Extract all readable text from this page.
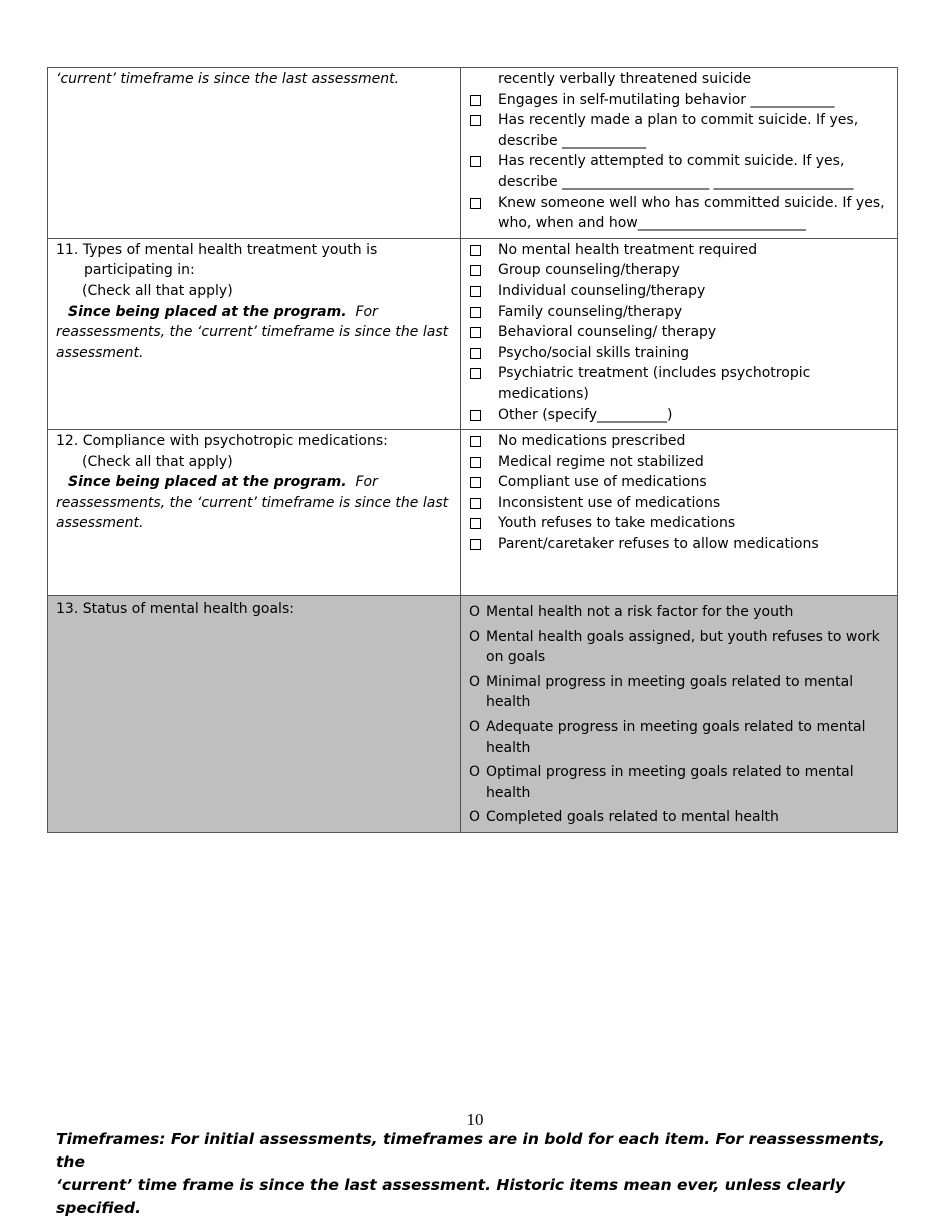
‘current’ timeframe is since the last assessment.	recently verbally threatened suicide
Engages in self-mutilating behavior ____________
Has recently made a plan to commit suicide. If yes,
describe ____________
Has recently attempted to commit suicide. If yes,
describe _____________________ ____________________
Knew someone well who has committed suicide. If yes,
who, when and how________________________
11. Types of mental health treatment youth is
participating in:
(Check all that apply)
Since being placed at the program. For
reassessments, the ‘current’ timeframe is since the last
assessment.
No mental health treatment required
Group counseling/therapy
Individual counseling/therapy
Family counseling/therapy
Behavioral counseling/ therapy
Psycho/social skills training
Psychiatric treatment (includes psychotropic
medications)
Other (specify__________)
12. Compliance with psychotropic medications:
(Check all that apply)
Since being placed at the program. For
reassessments, the ‘current’ timeframe is since the last
assessment.
No medications prescribed
Medical regime not stabilized
Compliant use of medications
Inconsistent use of medications
Youth refuses to take medications
Parent/caretaker refuses to allow medications
13. Status of mental health goals:	O Mental health not a risk factor for the youth
O Mental health goals assigned, but youth refuses to work
on goals
O Minimal progress in meeting goals related to mental
health
O Adequate progress in meeting goals related to mental
health
O Optimal progress in meeting goals related to mental
health
O Completed goals related to mental health
10
Timeframes: For initial assessments, timeframes are in bold for each item. For reassessments, the
‘current’ time frame is since the last assessment. Historic items mean ever, unless clearly specified.
